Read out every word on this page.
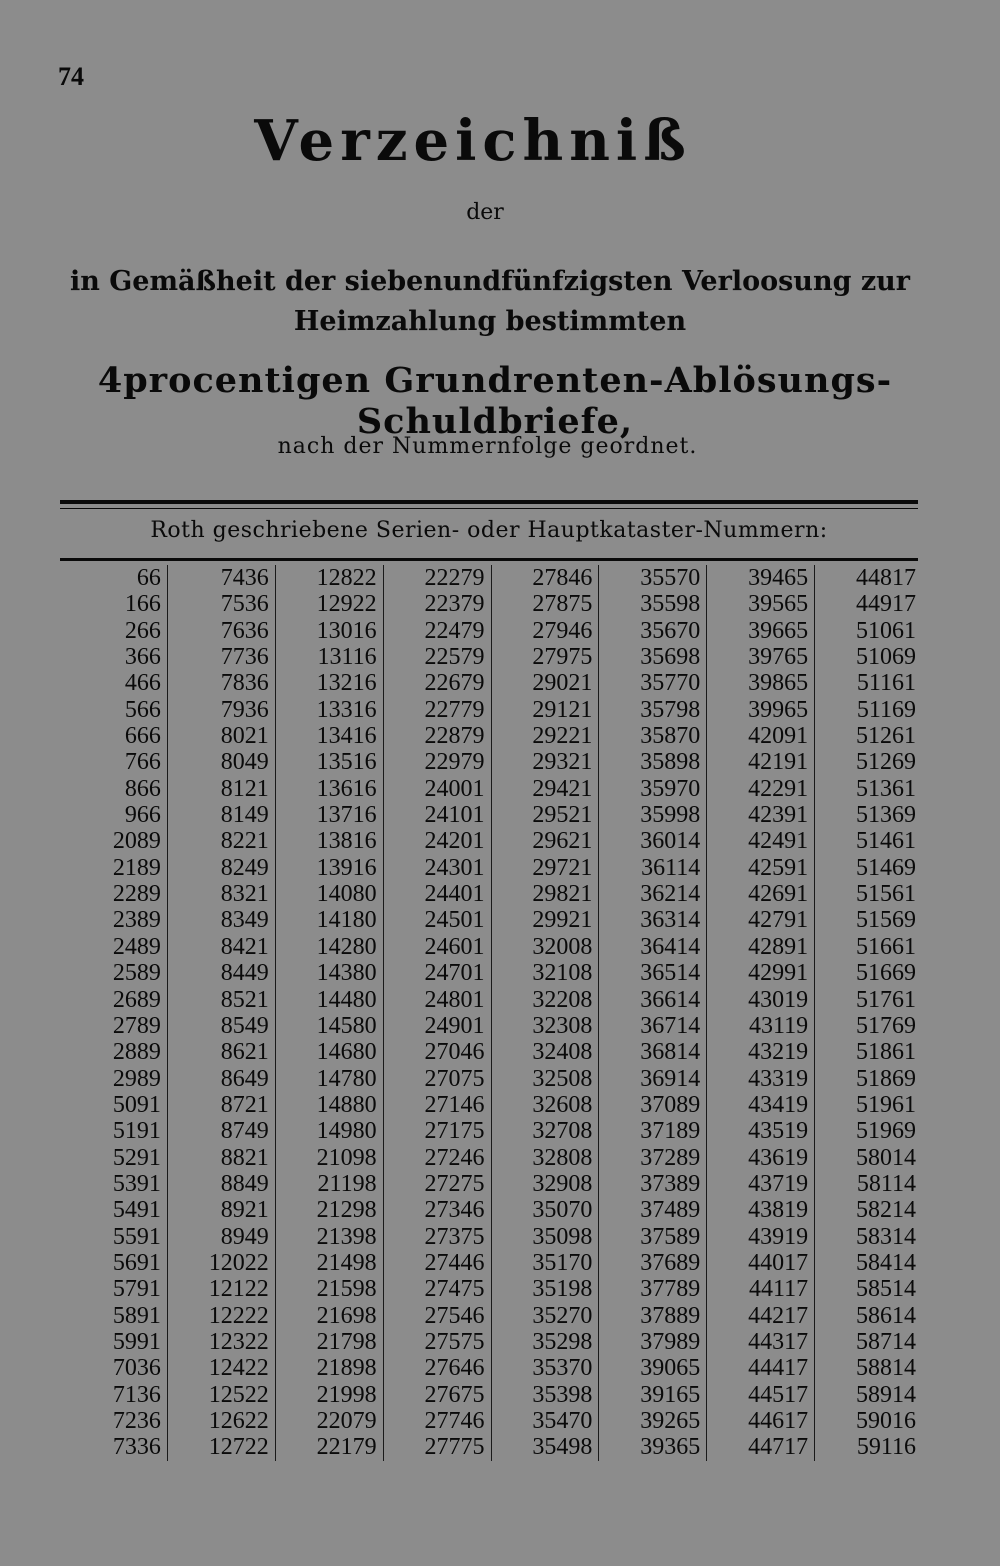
74
Verzeichniß
der
in Gemäßheit der siebenundfünfzigsten Verloosung zur Heimzahlung bestimmten
4procentigen Grundrenten-Ablösungs-Schuldbriefe,
nach der Nummernfolge geordnet.
Roth geschriebene Serien- oder Hauptkataster-Nummern:
66
166
266
366
466
566
666
766
866
966
2089
2189
2289
2389
2489
2589
2689
2789
2889
2989
5091
5191
5291
5391
5491
5591
5691
5791
5891
5991
7036
7136
7236
7336
7436
7536
7636
7736
7836
7936
8021
8049
8121
8149
8221
8249
8321
8349
8421
8449
8521
8549
8621
8649
8721
8749
8821
8849
8921
8949
12022
12122
12222
12322
12422
12522
12622
12722
12822
12922
13016
13116
13216
13316
13416
13516
13616
13716
13816
13916
14080
14180
14280
14380
14480
14580
14680
14780
14880
14980
21098
21198
21298
21398
21498
21598
21698
21798
21898
21998
22079
22179
22279
22379
22479
22579
22679
22779
22879
22979
24001
24101
24201
24301
24401
24501
24601
24701
24801
24901
27046
27075
27146
27175
27246
27275
27346
27375
27446
27475
27546
27575
27646
27675
27746
27775
27846
27875
27946
27975
29021
29121
29221
29321
29421
29521
29621
29721
29821
29921
32008
32108
32208
32308
32408
32508
32608
32708
32808
32908
35070
35098
35170
35198
35270
35298
35370
35398
35470
35498
35570
35598
35670
35698
35770
35798
35870
35898
35970
35998
36014
36114
36214
36314
36414
36514
36614
36714
36814
36914
37089
37189
37289
37389
37489
37589
37689
37789
37889
37989
39065
39165
39265
39365
39465
39565
39665
39765
39865
39965
42091
42191
42291
42391
42491
42591
42691
42791
42891
42991
43019
43119
43219
43319
43419
43519
43619
43719
43819
43919
44017
44117
44217
44317
44417
44517
44617
44717
44817
44917
51061
51069
51161
51169
51261
51269
51361
51369
51461
51469
51561
51569
51661
51669
51761
51769
51861
51869
51961
51969
58014
58114
58214
58314
58414
58514
58614
58714
58814
58914
59016
59116
